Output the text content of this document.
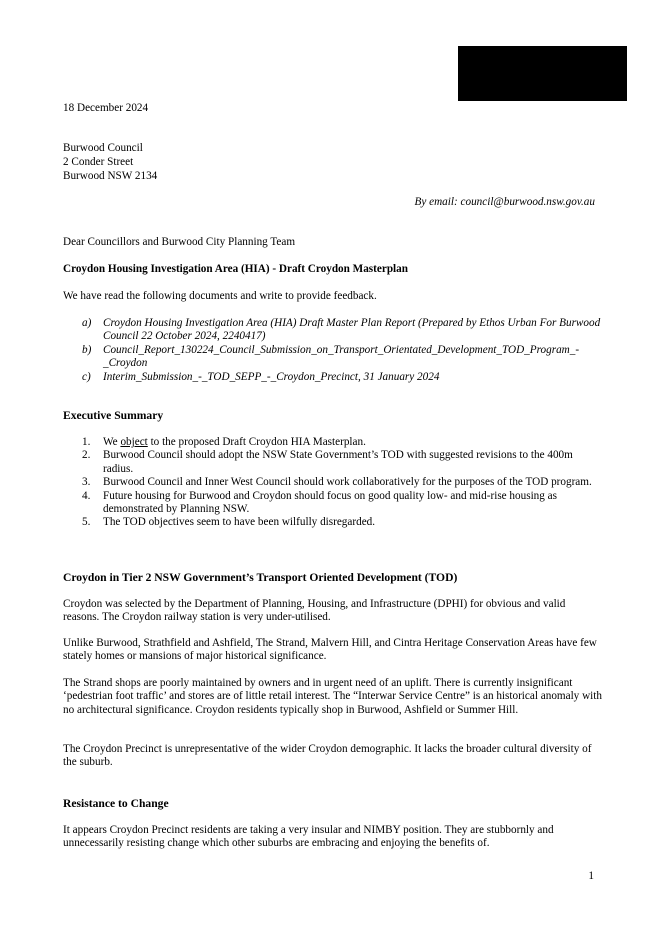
18 December 2024
Burwood Council
2 Conder Street
Burwood NSW 2134
By email: council@burwood.nsw.gov.au
Dear Councillors and Burwood City Planning Team
Croydon Housing Investigation Area (HIA) - Draft Croydon Masterplan
We have read the following documents and write to provide feedback.
a) Croydon Housing Investigation Area (HIA) Draft Master Plan Report (Prepared by Ethos Urban For Burwood Council 22 October 2024, 2240417)
b) Council_Report_130224_Council_Submission_on_Transport_Orientated_Development_TOD_Program_-_Croydon
c) Interim_Submission_-_TOD_SEPP_-_Croydon_Precinct, 31 January 2024
Executive Summary
1. We object to the proposed Draft Croydon HIA Masterplan.
2. Burwood Council should adopt the NSW State Government’s TOD with suggested revisions to the 400m radius.
3. Burwood Council and Inner West Council should work collaboratively for the purposes of the TOD program.
4. Future housing for Burwood and Croydon should focus on good quality low- and mid-rise housing as demonstrated by Planning NSW.
5. The TOD objectives seem to have been wilfully disregarded.
Croydon in Tier 2 NSW Government’s Transport Oriented Development (TOD)
Croydon was selected by the Department of Planning, Housing, and Infrastructure (DPHI) for obvious and valid reasons. The Croydon railway station is very under-utilised.
Unlike Burwood, Strathfield and Ashfield, The Strand, Malvern Hill, and Cintra Heritage Conservation Areas have few stately homes or mansions of major historical significance.
The Strand shops are poorly maintained by owners and in urgent need of an uplift. There is currently insignificant ‘pedestrian foot traffic’ and stores are of little retail interest. The “Interwar Service Centre” is an historical anomaly with no architectural significance. Croydon residents typically shop in Burwood, Ashfield or Summer Hill.
The Croydon Precinct is unrepresentative of the wider Croydon demographic. It lacks the broader cultural diversity of the suburb.
Resistance to Change
It appears Croydon Precinct residents are taking a very insular and NIMBY position. They are stubbornly and unnecessarily resisting change which other suburbs are embracing and enjoying the benefits of.
1
